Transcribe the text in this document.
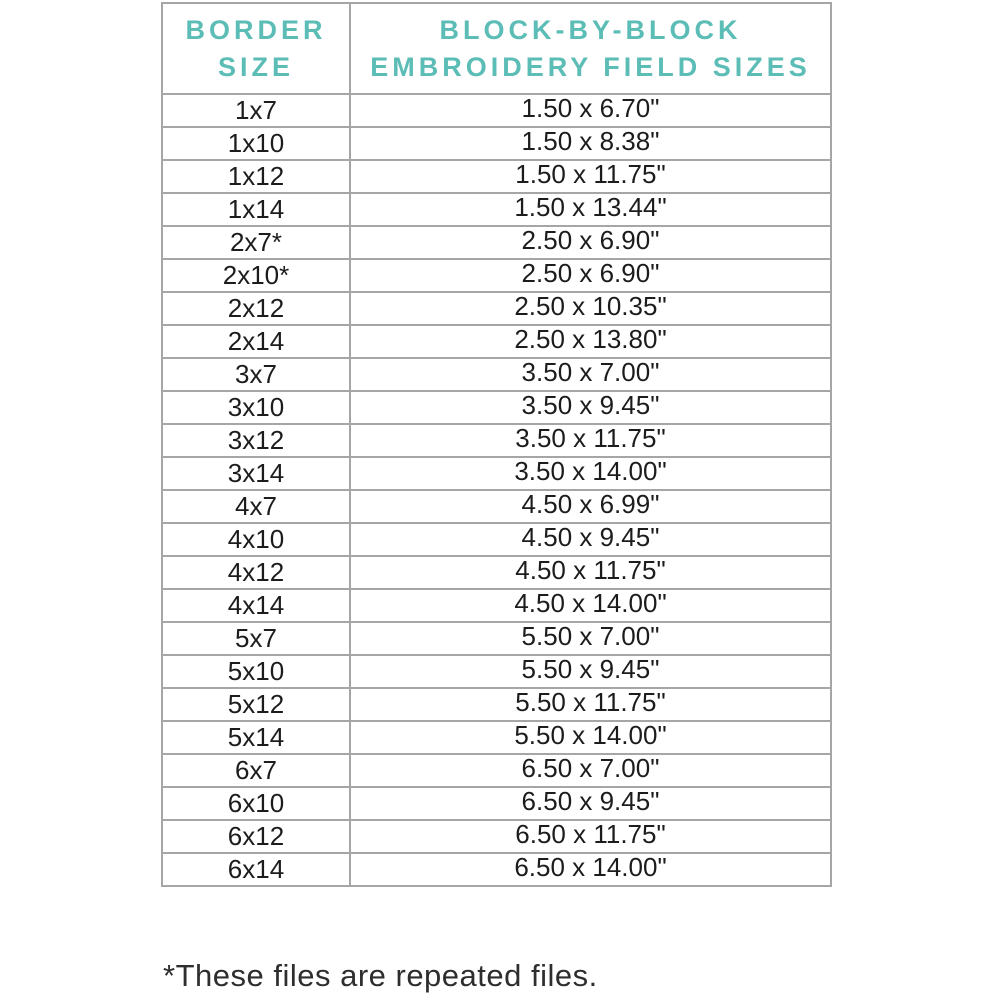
BORDER
SIZE	BLOCK-BY-BLOCK
EMBROIDERY FIELD SIZES
1x7	1.50 x 6.70"
1x10	1.50 x 8.38"
1x12	1.50 x 11.75"
1x14	1.50 x 13.44"
2x7*	2.50 x 6.90"
2x10*	2.50 x 6.90"
2x12	2.50 x 10.35"
2x14	2.50 x 13.80"
3x7	3.50 x 7.00"
3x10	3.50 x 9.45"
3x12	3.50 x 11.75"
3x14	3.50 x 14.00"
4x7	4.50 x 6.99"
4x10	4.50 x 9.45"
4x12	4.50 x 11.75"
4x14	4.50 x 14.00"
5x7	5.50 x 7.00"
5x10	5.50 x 9.45"
5x12	5.50 x 11.75"
5x14	5.50 x 14.00"
6x7	6.50 x 7.00"
6x10	6.50 x 9.45"
6x12	6.50 x 11.75"
6x14	6.50 x 14.00"
*These files are repeated files.
